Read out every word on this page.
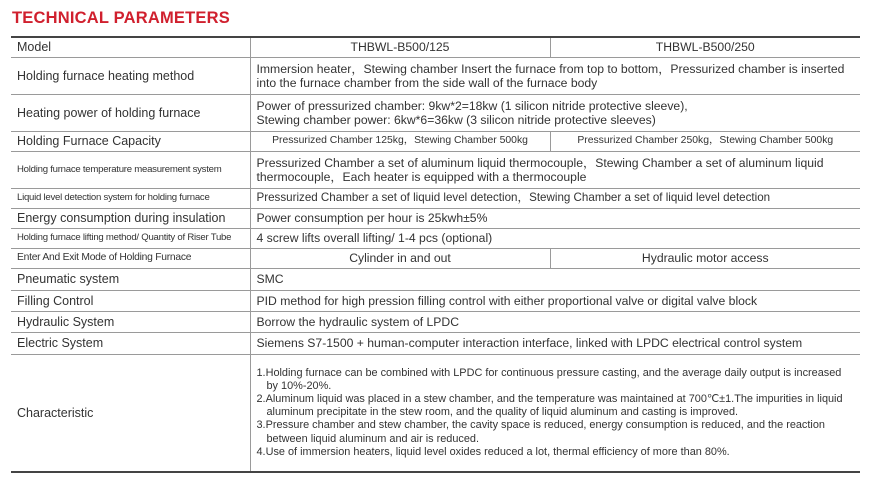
TECHNICAL PARAMETERS
Model	THBWL-B500/125	THBWL-B500/250
Holding furnace heating method	Immersion heater，Stewing chamber Insert the furnace from top to bottom，Pressurized chamber is inserted into the furnace chamber from the side wall of the furnace body	
Heating power of holding furnace	Power of pressurized chamber: 9kw*2=18kw (1 silicon nitride protective sleeve),
Stewing chamber power: 6kw*6=36kw (3 silicon nitride protective sleeves)	

Holding Furnace Capacity	Pressurized Chamber 125kg，Stewing Chamber 500kg	Pressurized Chamber 250kg，Stewing Chamber 500kg
Holding furnace temperature measurement system	Pressurized Chamber a set of aluminum liquid thermocouple，Stewing Chamber a set of aluminum liquid thermocouple，Each heater is equipped with a thermocouple	
Liquid level detection system for holding furnace	Pressurized Chamber a set of liquid level detection，Stewing Chamber a set of liquid level detection	
Energy consumption during insulation	Power consumption per hour is 25kwh±5%	
Holding furnace lifting method/ Quantity of Riser Tube	4 screw lifts overall lifting/ 1-4 pcs (optional)	
Enter And Exit Mode of Holding Furnace	Cylinder in and out	Hydraulic motor access
Pneumatic system	SMC	
Filling Control	PID method for high pression filling control with either proportional valve or digital valve block	
Hydraulic System	Borrow the hydraulic system of LPDC	
Electric System	Siemens S7-1500 + human-computer interaction interface, linked with LPDC electrical control system	
Characteristic	1.Holding furnace can be combined with LPDC for continuous pressure casting, and the average daily output is increased by 10%-20%.

2.Aluminum liquid was placed in a stew chamber, and the temperature was maintained at 700℃±1.The impurities in liquid aluminum precipitate in the stew room, and the quality of liquid aluminum and casting is improved.

3.Pressure chamber and stew chamber, the cavity space is reduced, energy consumption is reduced, and the reaction between liquid aluminum and air is reduced.

4.Use of immersion heaters, liquid level oxides reduced a lot, thermal efficiency of more than 80%.	
